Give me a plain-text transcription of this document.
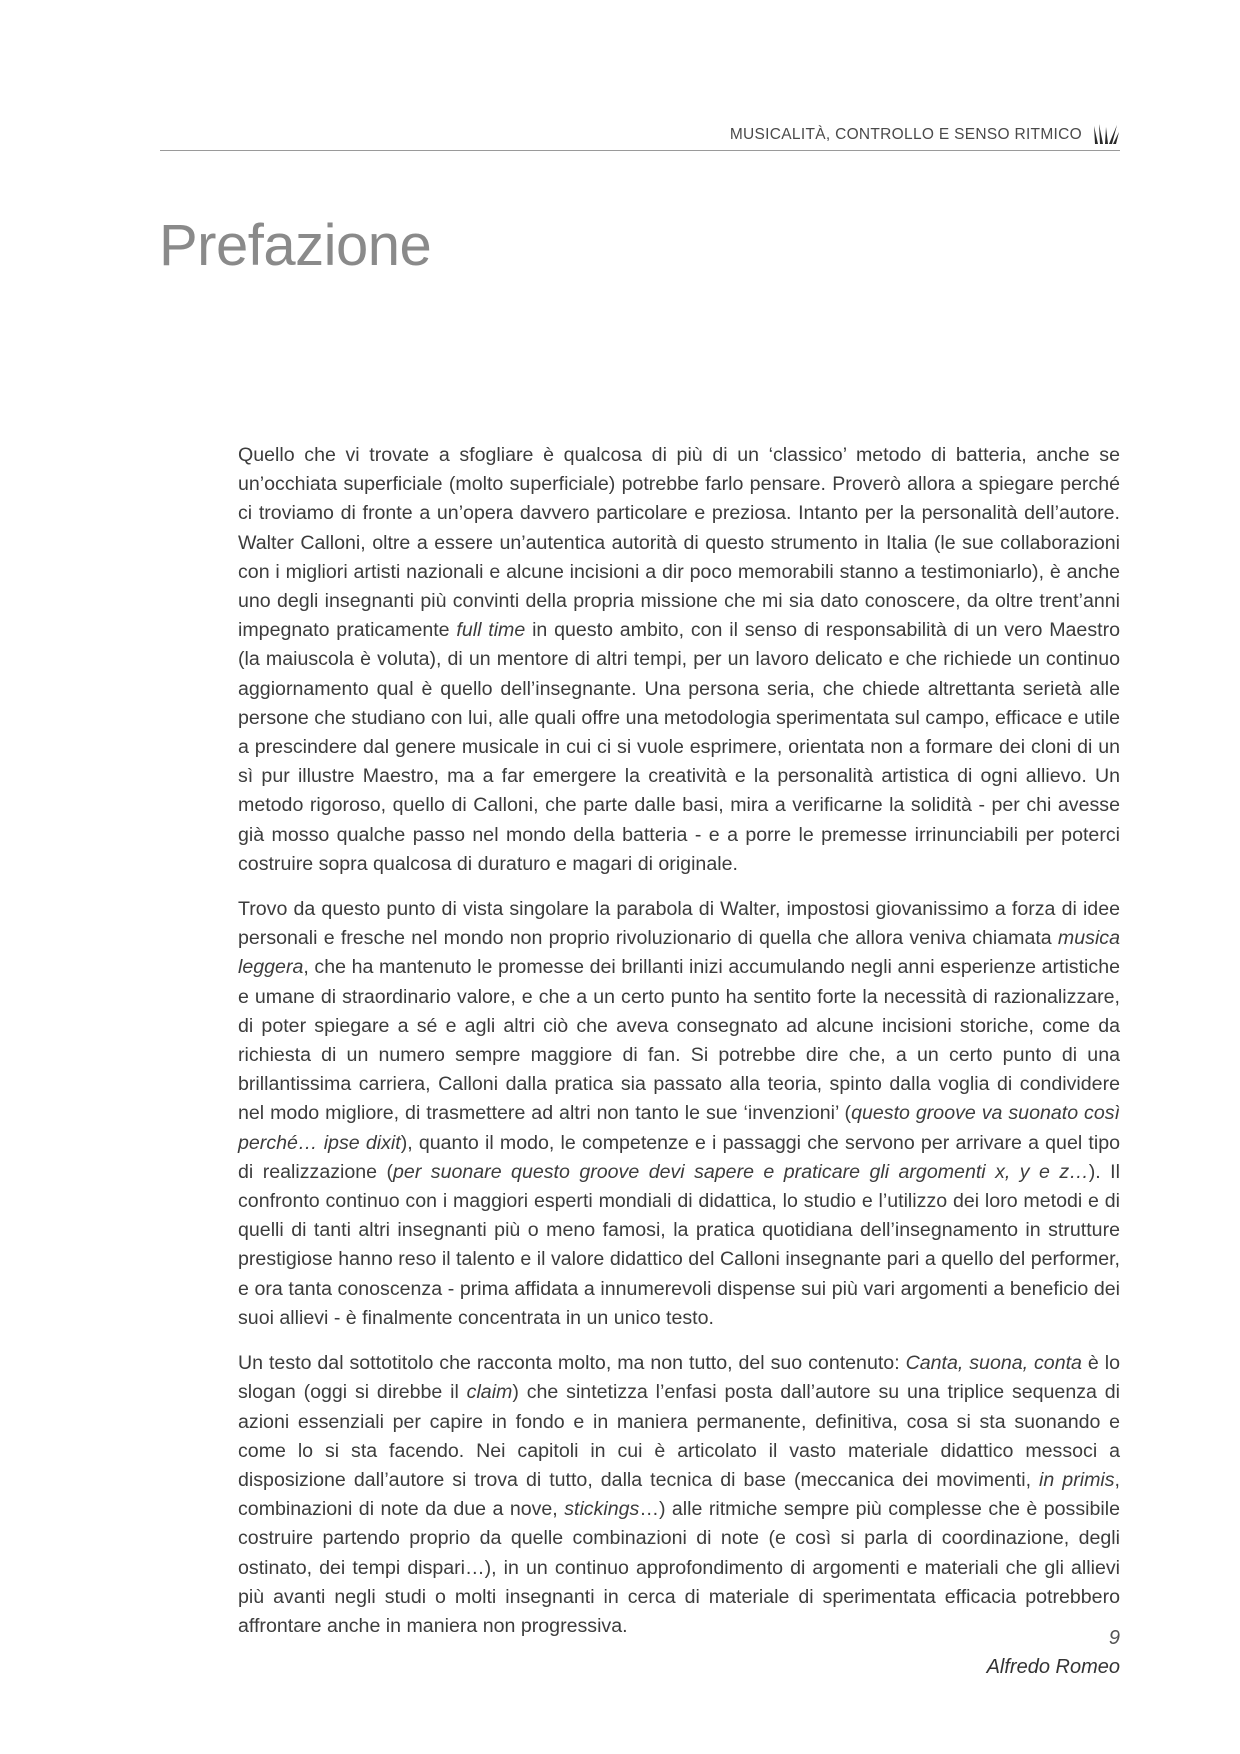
MUSICALITÀ, CONTROLLO E SENSO RITMICO
Prefazione

Quello che vi trovate a sfogliare è qualcosa di più di un ‘classico’ metodo di batteria, anche se un’occhiata superficiale (molto superficiale) potrebbe farlo pensare. Proverò allora a spiegare perché ci troviamo di fronte a un’opera davvero particolare e preziosa. Intanto per la personalità dell’autore. Walter Calloni, oltre a essere un’autentica autorità di questo strumento in Italia (le sue collaborazioni con i migliori artisti nazionali e alcune incisioni a dir poco memorabili stanno a testimoniarlo), è anche uno degli insegnanti più convinti della propria missione che mi sia dato conoscere, da oltre trent’anni impegnato praticamente full time in questo ambito, con il senso di responsabilità di un vero Maestro (la maiuscola è voluta), di un mentore di altri tempi, per un lavoro delicato e che richiede un continuo aggiornamento qual è quello dell’insegnante. Una persona seria, che chiede altrettanta serietà alle persone che studiano con lui, alle quali offre una metodologia sperimentata sul campo, efficace e utile a prescindere dal genere musicale in cui ci si vuole esprimere, orientata non a formare dei cloni di un sì pur illustre Maestro, ma a far emergere la creatività e la personalità artistica di ogni allievo. Un metodo rigoroso, quello di Calloni, che parte dalle basi, mira a verificarne la solidità - per chi avesse già mosso qualche passo nel mondo della batteria - e a porre le premesse irrinunciabili per poterci costruire sopra qualcosa di duraturo e magari di originale.

Trovo da questo punto di vista singolare la parabola di Walter, impostosi giovanissimo a forza di idee personali e fresche nel mondo non proprio rivoluzionario di quella che allora veniva chiamata musica leggera, che ha mantenuto le promesse dei brillanti inizi accumulando negli anni esperienze artistiche e umane di straordinario valore, e che a un certo punto ha sentito forte la necessità di razionalizzare, di poter spiegare a sé e agli altri ciò che aveva consegnato ad alcune incisioni storiche, come da richiesta di un numero sempre maggiore di fan. Si potrebbe dire che, a un certo punto di una brillantissima carriera, Calloni dalla pratica sia passato alla teoria, spinto dalla voglia di condividere nel modo migliore, di trasmettere ad altri non tanto le sue ‘invenzioni’ (questo groove va suonato così perché… ipse dixit), quanto il modo, le competenze e i passaggi che servono per arrivare a quel tipo di realizzazione (per suonare questo groove devi sapere e praticare gli argomenti x, y e z…). Il confronto continuo con i maggiori esperti mondiali di didattica, lo studio e l’utilizzo dei loro metodi e di quelli di tanti altri insegnanti più o meno famosi, la pratica quotidiana dell’insegnamento in strutture prestigiose hanno reso il talento e il valore didattico del Calloni insegnante pari a quello del performer, e ora tanta conoscenza - prima affidata a innumerevoli dispense sui più vari argomenti a beneficio dei suoi allievi - è finalmente concentrata in un unico testo.

Un testo dal sottotitolo che racconta molto, ma non tutto, del suo contenuto: Canta, suona, conta è lo slogan (oggi si direbbe il claim) che sintetizza l’enfasi posta dall’autore su una triplice sequenza di azioni essenziali per capire in fondo e in maniera permanente, definitiva, cosa si sta suonando e come lo si sta facendo. Nei capitoli in cui è articolato il vasto materiale didattico messoci a disposizione dall’autore si trova di tutto, dalla tecnica di base (meccanica dei movimenti, in primis, combinazioni di note da due a nove, stickings…) alle ritmiche sempre più complesse che è possibile costruire partendo proprio da quelle combinazioni di note (e così si parla di coordinazione, degli ostinato, dei tempi dispari…), in un continuo approfondimento di argomenti e materiali che gli allievi più avanti negli studi o molti insegnanti in cerca di materiale di sperimentata efficacia potrebbero affrontare anche in maniera non progressiva.

Alfredo Romeo
9
